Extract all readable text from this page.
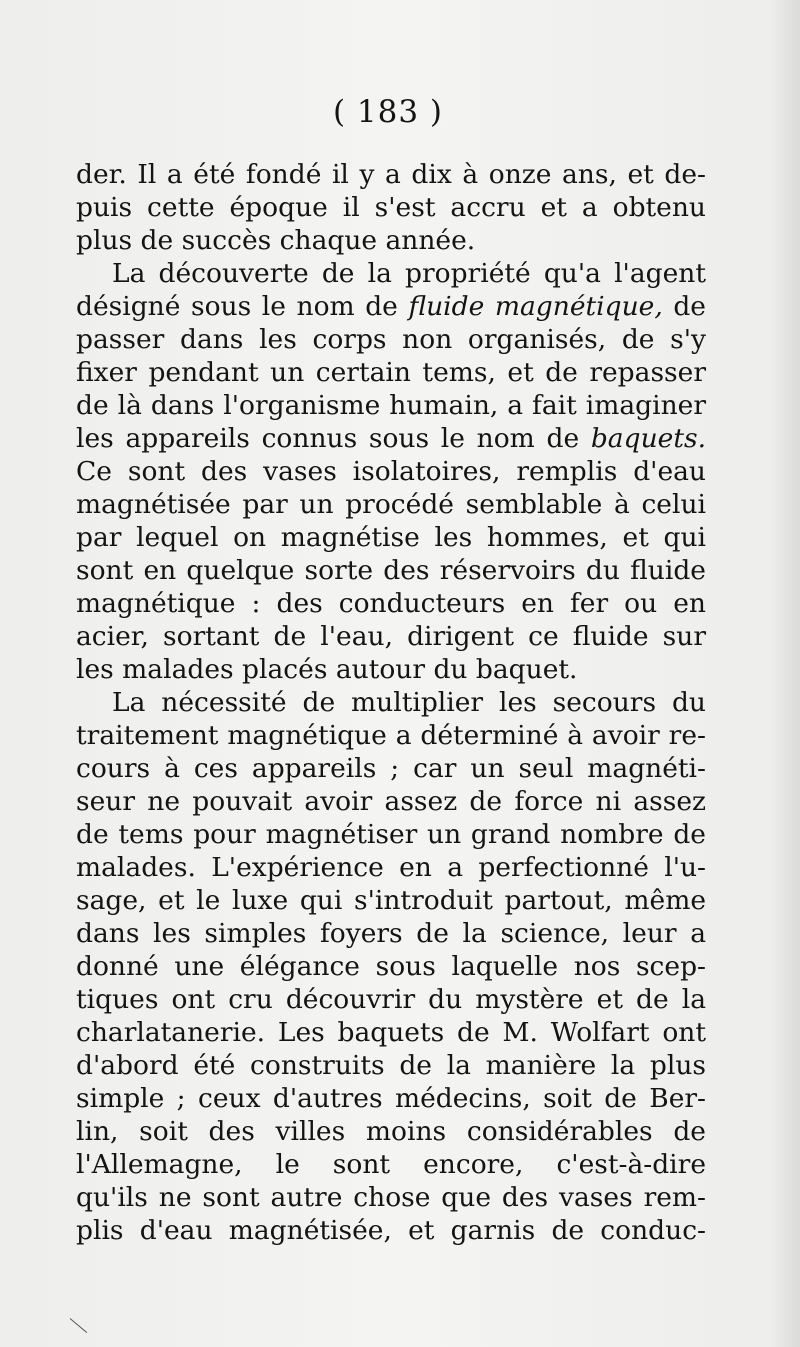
( 183 )
der. Il a été fondé il y a dix à onze ans, et de-
puis cette époque il s'est accru et a obtenu
plus de succès chaque année.
La découverte de la propriété qu'a l'agent
désigné sous le nom de fluide magnétique, de
passer dans les corps non organisés, de s'y
fixer pendant un certain tems, et de repasser
de là dans l'organisme humain, a fait imaginer
les appareils connus sous le nom de baquets.
Ce sont des vases isolatoires, remplis d'eau
magnétisée par un procédé semblable à celui
par lequel on magnétise les hommes, et qui
sont en quelque sorte des réservoirs du fluide
magnétique : des conducteurs en fer ou en
acier, sortant de l'eau, dirigent ce fluide sur
les malades placés autour du baquet.
La nécessité de multiplier les secours du
traitement magnétique a déterminé à avoir re-
cours à ces appareils ; car un seul magnéti-
seur ne pouvait avoir assez de force ni assez
de tems pour magnétiser un grand nombre de
malades. L'expérience en a perfectionné l'u-
sage, et le luxe qui s'introduit partout, même
dans les simples foyers de la science, leur a
donné une élégance sous laquelle nos scep-
tiques ont cru découvrir du mystère et de la
charlatanerie. Les baquets de M. Wolfart ont
d'abord été construits de la manière la plus
simple ; ceux d'autres médecins, soit de Ber-
lin, soit des villes moins considérables de
l'Allemagne, le sont encore, c'est-à-dire
qu'ils ne sont autre chose que des vases rem-
plis d'eau magnétisée, et garnis de conduc-
